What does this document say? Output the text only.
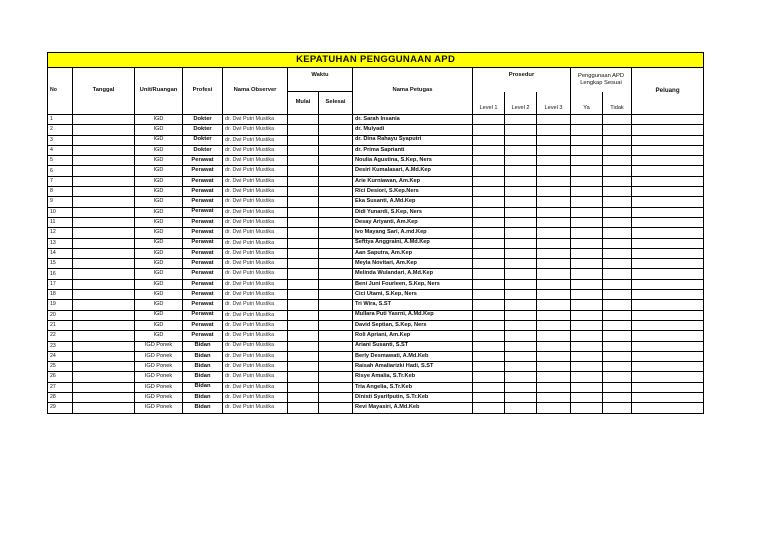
KEPATUHAN PENGGUNAAN APD													
No	Tanggal	Unit/Ruangan	Profesi	Nama Observer	Waktu		Nama Petugas	Prosedur			Penggunaan APD
Lengkap Sesuai		Peluang
					Mulai	Selesai		Level 1	Level 2	Level 3	Ya	Tidak	
1		IGD	Dokter	dr. Dwi Putri Mustika			dr. Sarah Insania						
2		IGD	Dokter	dr. Dwi Putri Mustika			dr. Mulyadi						
3		IGD	Dokter	dr. Dwi Putri Mustika			dr. Dina Rahayu Syaputri						
4		IGD	Dokter	dr. Dwi Putri Mustika			dr. Prima Saprianti						
5		IGD	Perawat	dr. Dwi Putri Mustika			Noulia Agustina, S.Kep, Ners						
6		IGD	Perawat	dr. Dwi Putri Mustika			Desiri Kumalasari, A.Md.Kep						
7		IGD	Perawat	dr. Dwi Putri Mustika			Arie Kurniawan, Am.Kep						
8		IGD	Perawat	dr. Dwi Putri Mustika			Rici Desiori, S.Kep.Ners						
9		IGD	Perawat	dr. Dwi Putri Mustika			Eka Susanti, A.Md.Kep						
10		IGD	Perawat	dr. Dwi Putri Mustika			Didi Yunardi, S.Kep, Ners						
11		IGD	Perawat	dr. Dwi Putri Mustika			Desay Ariyanti, Am.Kep						
12		IGD	Perawat	dr. Dwi Putri Mustika			Ivo Mayang Sari, A.md.Kep						
13		IGD	Perawat	dr. Dwi Putri Mustika			Sefttya Anggraini, A.Md.Kep						
14		IGD	Perawat	dr. Dwi Putri Mustika			Aan Saputra, Am.Kep						
15		IGD	Perawat	dr. Dwi Putri Mustika			Meyla Novitari, Am.Kep						
16		IGD	Perawat	dr. Dwi Putri Mustika			Melinda Wulandari, A.Md.Kep						
17		IGD	Perawat	dr. Dwi Putri Mustika			Beni Juni Fourleen, S.Kep, Ners						
18		IGD	Perawat	dr. Dwi Putri Mustika			Cici Utami, S.Kep, Ners						
19		IGD	Perawat	dr. Dwi Putri Mustika			Tri Wira, S.ST						
20		IGD	Perawat	dr. Dwi Putri Mustika			Mullara Puti Yasrni, A.Md.Kep						
21		IGD	Perawat	dr. Dwi Putri Mustika			David Septian, S.Kep, Ners						
22		IGD	Perawat	dr. Dwi Putri Mustika			Roli Apriani, Am.Kep						
23		IGD Ponek	Bidan	dr. Dwi Putri Mustika			Ariani Susanti, S.ST						
24		IGD Ponek	Bidan	dr. Dwi Putri Mustika			Berly Desmawati, A.Md.Keb						
25		IGD Ponek	Bidan	dr. Dwi Putri Mustika			Raisah Amaliarizki Hadi, S.ST						
26		IGD Ponek	Bidan	dr. Dwi Putri Mustika			Risye Amalia, S.Tr.Keb						
27		IGD Ponek	Bidan	dr. Dwi Putri Mustika			Tria Angelia, S.Tr.Keb						
28		IGD Ponek	Bidan	dr. Dwi Putri Mustika			Dinisti Syarifputin, S.Tr.Keb						
29		IGD Ponek	Bidan	dr. Dwi Putri Mustika			Revi Mayasiri, A.Md.Keb						
